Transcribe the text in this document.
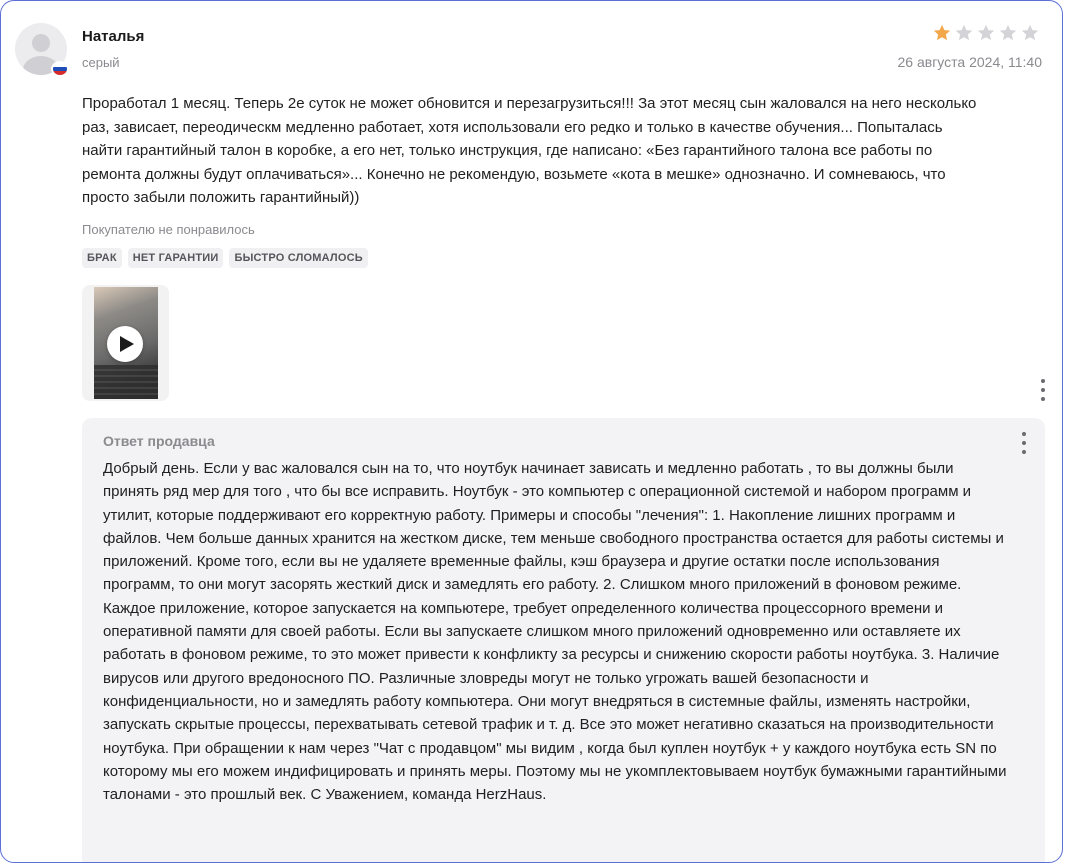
Наталья
серый	26 августа 2024, 11:40
Проработал 1 месяц. Теперь 2е суток не может обновится и перезагрузиться!!! За этот месяц сын жаловался на него несколько раз, зависает, переодическм медленно работает, хотя использовали его редко и только в качестве обучения... Попыталась найти гарантийный талон в коробке, а его нет, только инструкция, где написано: «Без гарантийного талона все работы по ремонта должны будут оплачиваться»... Конечно не рекомендую, возьмете «кота в мешке» однозначно. И сомневаюсь, что просто забыли положить гарантийный))
Покупателю не понравилось
БРАК	НЕТ ГАРАНТИИ	БЫСТРО СЛОМАЛОСЬ
Ответ продавца
Добрый день. Если у вас жаловался сын на то, что ноутбук начинает зависать и медленно работать , то вы должны были принять ряд мер для того , что бы все исправить. Ноутбук - это компьютер с операционной системой и набором программ и утилит, которые поддерживают его корректную работу. Примеры и способы "лечения": 1. Накопление лишних программ и файлов. Чем больше данных хранится на жестком диске, тем меньше свободного пространства остается для работы системы и приложений. Кроме того, если вы не удаляете временные файлы, кэш браузера и другие остатки после использования программ, то они могут засорять жесткий диск и замедлять его работу. 2. Слишком много приложений в фоновом режиме. Каждое приложение, которое запускается на компьютере, требует определенного количества процессорного времени и оперативной памяти для своей работы. Если вы запускаете слишком много приложений одновременно или оставляете их работать в фоновом режиме, то это может привести к конфликту за ресурсы и снижению скорости работы ноутбука. 3. Наличие вирусов или другого вредоносного ПО. Различные зловреды могут не только угрожать вашей безопасности и конфиденциальности, но и замедлять работу компьютера. Они могут внедряться в системные файлы, изменять настройки, запускать скрытые процессы, перехватывать сетевой трафик и т. д. Все это может негативно сказаться на производительности ноутбука. При обращении к нам через "Чат с продавцом" мы видим , когда был куплен ноутбук + у каждого ноутбука есть SN по которому мы его можем индифицировать и принять меры. Поэтому мы не укомплектовываем ноутбук бумажными гарантийными талонами - это прошлый век. С Уважением, команда HerzHaus.
